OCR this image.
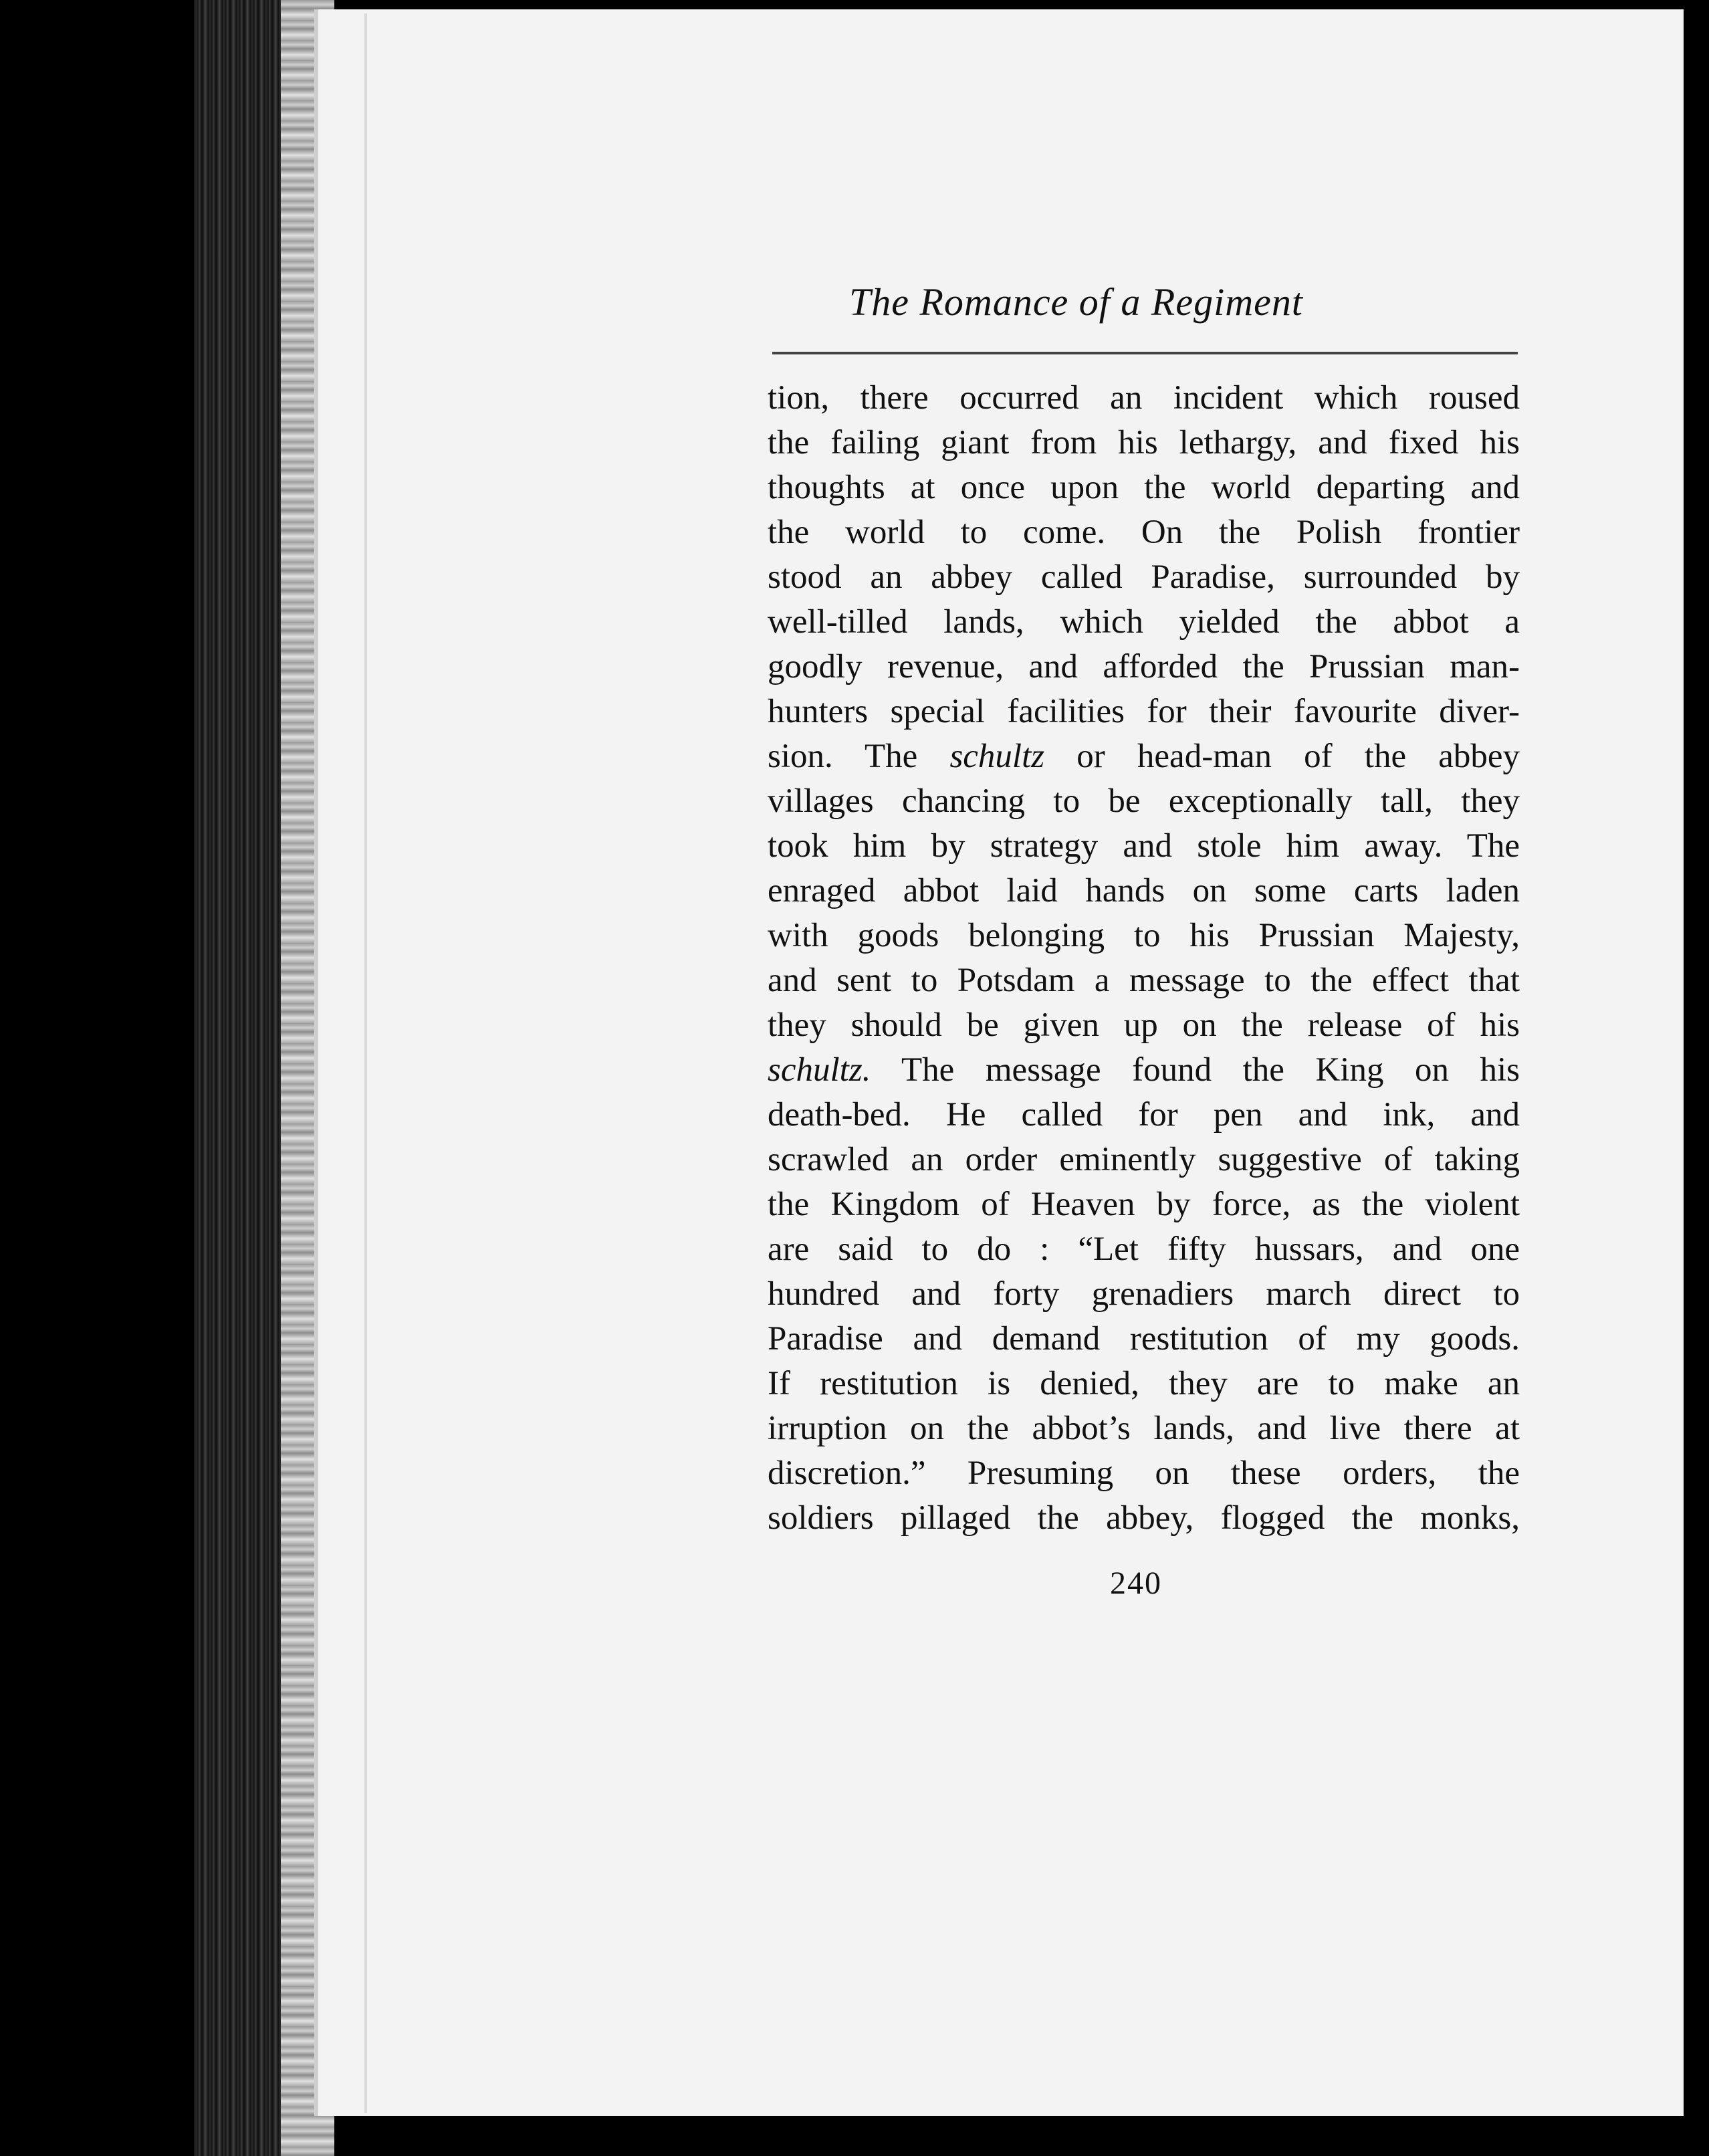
The Romance of a Regiment
tion, there occurred an incident which roused
the failing giant from his lethargy, and fixed his
thoughts at once upon the world departing and
the world to come. On the Polish frontier
stood an abbey called Paradise, surrounded by
well-tilled lands, which yielded the abbot a
goodly revenue, and afforded the Prussian man-
hunters special facilities for their favourite diver-
sion. The schultz or head-man of the abbey
villages chancing to be exceptionally tall, they
took him by strategy and stole him away. The
enraged abbot laid hands on some carts laden
with goods belonging to his Prussian Majesty,
and sent to Potsdam a message to the effect that
they should be given up on the release of his
schultz. The message found the King on his
death-bed. He called for pen and ink, and
scrawled an order eminently suggestive of taking
the Kingdom of Heaven by force, as the violent
are said to do : “Let fifty hussars, and one
hundred and forty grenadiers march direct to
Paradise and demand restitution of my goods.
If restitution is denied, they are to make an
irruption on the abbot’s lands, and live there at
discretion.” Presuming on these orders, the
soldiers pillaged the abbey, flogged the monks,
240
